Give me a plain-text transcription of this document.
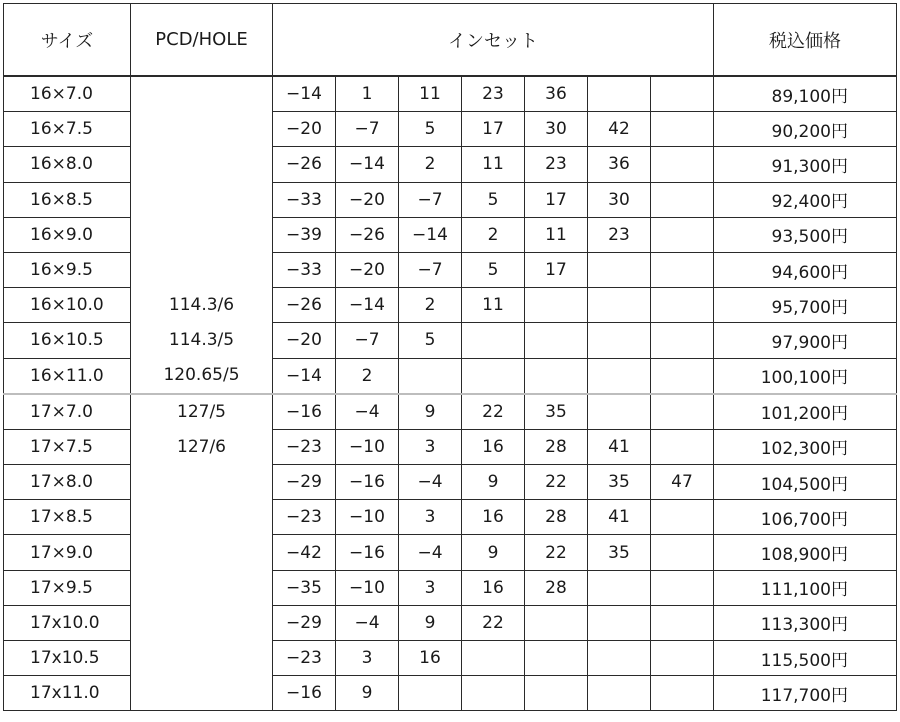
サイズ	PCD/HOLE	インセット							税込価格
16×7.0		−14	1	11	23	36			89,100円
16×7.5		−20	−7	5	17	30	42		90,200円
16×8.0		−26	−14	2	11	23	36		91,300円
16×8.5		−33	−20	−7	5	17	30		92,400円
16×9.0		−39	−26	−14	2	11	23		93,500円
16×9.5		−33	−20	−7	5	17			94,600円
16×10.0	114.3/6	−26	−14	2	11				95,700円
16×10.5	114.3/5	−20	−7	5					97,900円
16×11.0	120.65/5	−14	2						100,100円
17×7.0	127/5	−16	−4	9	22	35			101,200円
17×7.5	127/6	−23	−10	3	16	28	41		102,300円
17×8.0		−29	−16	−4	9	22	35	47	104,500円
17×8.5		−23	−10	3	16	28	41		106,700円
17×9.0		−42	−16	−4	9	22	35		108,900円
17×9.5		−35	−10	3	16	28			111,100円
17x10.0		−29	−4	9	22				113,300円
17x10.5		−23	3	16					115,500円
17x11.0		−16	9						117,700円
